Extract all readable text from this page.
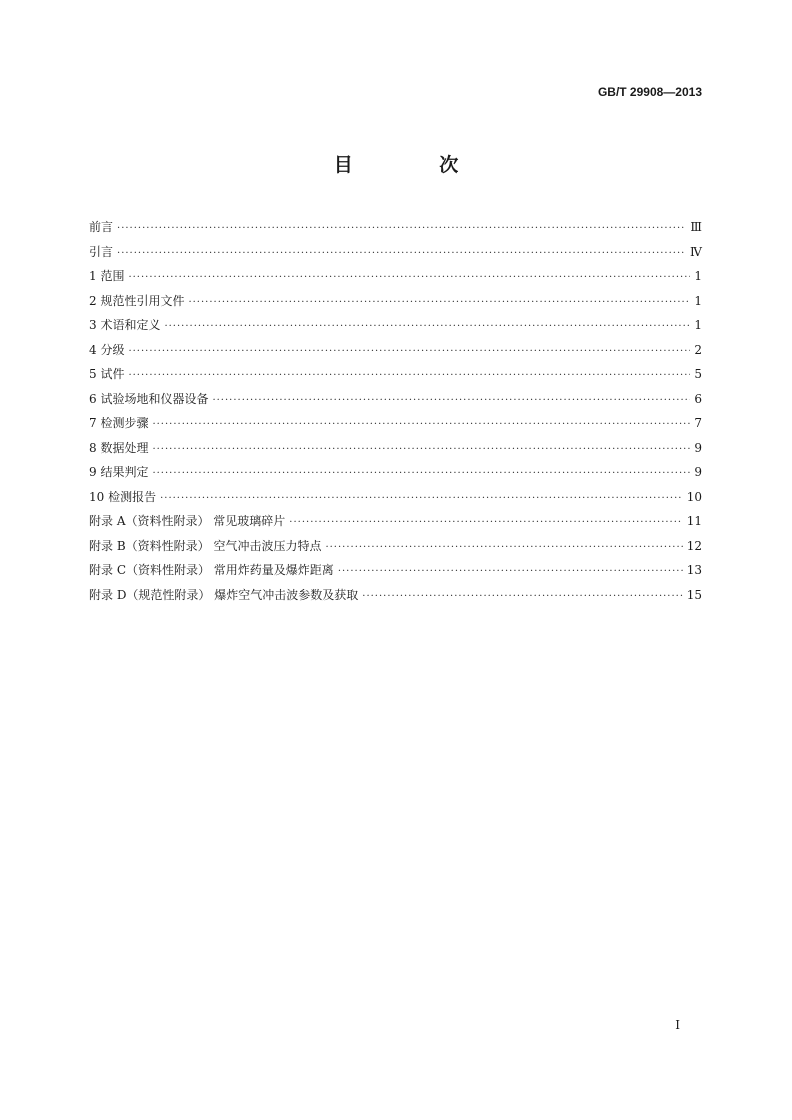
GB/T 29908—2013
目 次
前言 ·····	Ⅲ
引言 ·····	Ⅳ
1 范围 ·····	1
2 规范性引用文件 ·····	1
3 术语和定义 ·····	1
4 分级 ·····	2
5 试件 ·····	5
6 试验场地和仪器设备 ·····	6
7 检测步骤 ·····	7
8 数据处理 ·····	9
9 结果判定 ·····	9
10 检测报告 ·····	10
附录 A（资料性附录） 常见玻璃碎片 ·····	11
附录 B（资料性附录） 空气冲击波压力特点 ·····	12
附录 C（资料性附录） 常用炸药量及爆炸距离 ·····	13
附录 D（规范性附录） 爆炸空气冲击波参数及获取 ·····	15
I
